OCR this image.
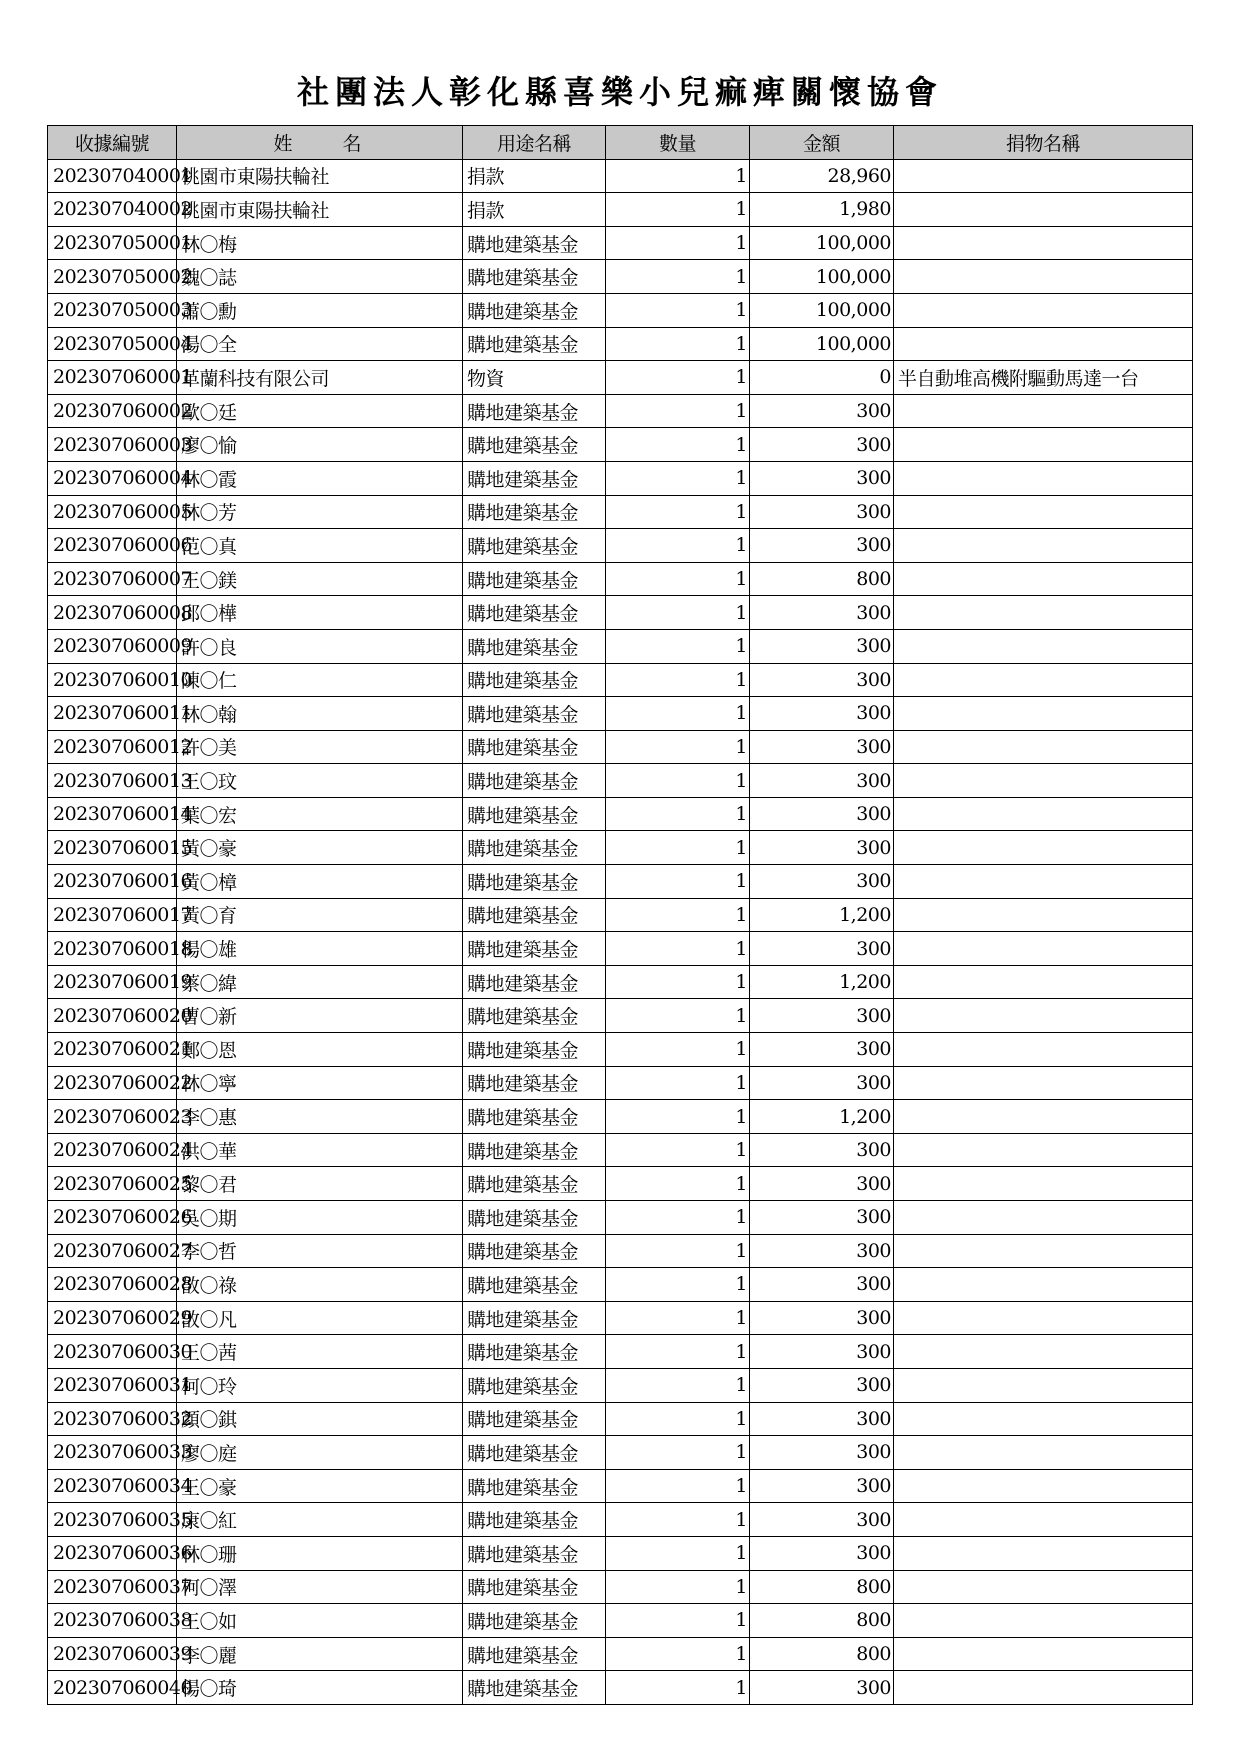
社團法人彰化縣喜樂小兒痲痺關懷協會
收據編號	姓　　名	用途名稱	數量	金額	捐物名稱
202307040001	桃園市東陽扶輪社	捐款	1	28,960	
202307040002	桃園市東陽扶輪社	捐款	1	1,980	
202307050001	林〇梅	購地建築基金	1	100,000	
202307050002	魏〇誌	購地建築基金	1	100,000	
202307050003	蕭〇勳	購地建築基金	1	100,000	
202307050004	湯〇全	購地建築基金	1	100,000	
202307060001	革蘭科技有限公司	物資	1	0	半自動堆高機附驅動馬達一台
202307060002	歐〇廷	購地建築基金	1	300	
202307060003	廖〇愉	購地建築基金	1	300	
202307060004	林〇霞	購地建築基金	1	300	
202307060005	林〇芳	購地建築基金	1	300	
202307060006	范〇真	購地建築基金	1	300	
202307060007	王〇鎂	購地建築基金	1	800	
202307060008	邱〇樺	購地建築基金	1	300	
202307060009	許〇良	購地建築基金	1	300	
202307060010	陳〇仁	購地建築基金	1	300	
202307060011	林〇翰	購地建築基金	1	300	
202307060012	許〇美	購地建築基金	1	300	
202307060013	王〇玟	購地建築基金	1	300	
202307060014	葉〇宏	購地建築基金	1	300	
202307060015	黃〇豪	購地建築基金	1	300	
202307060016	黃〇樟	購地建築基金	1	300	
202307060017	黃〇育	購地建築基金	1	1,200	
202307060018	楊〇雄	購地建築基金	1	300	
202307060019	蔡〇緯	購地建築基金	1	1,200	
202307060020	曹〇新	購地建築基金	1	300	
202307060021	鄭〇恩	購地建築基金	1	300	
202307060022	林〇寧	購地建築基金	1	300	
202307060023	李〇惠	購地建築基金	1	1,200	
202307060024	洪〇華	購地建築基金	1	300	
202307060025	黎〇君	購地建築基金	1	300	
202307060026	吳〇期	購地建築基金	1	300	
202307060027	李〇哲	購地建築基金	1	300	
202307060028	敔〇祿	購地建築基金	1	300	
202307060029	敔〇凡	購地建築基金	1	300	
202307060030	王〇茜	購地建築基金	1	300	
202307060031	柯〇玲	購地建築基金	1	300	
202307060032	顏〇錤	購地建築基金	1	300	
202307060033	廖〇庭	購地建築基金	1	300	
202307060034	王〇豪	購地建築基金	1	300	
202307060035	康〇紅	購地建築基金	1	300	
202307060036	林〇珊	購地建築基金	1	300	
202307060037	柯〇澤	購地建築基金	1	800	
202307060038	王〇如	購地建築基金	1	800	
202307060039	李〇麗	購地建築基金	1	800	
202307060040	楊〇琦	購地建築基金	1	300	
